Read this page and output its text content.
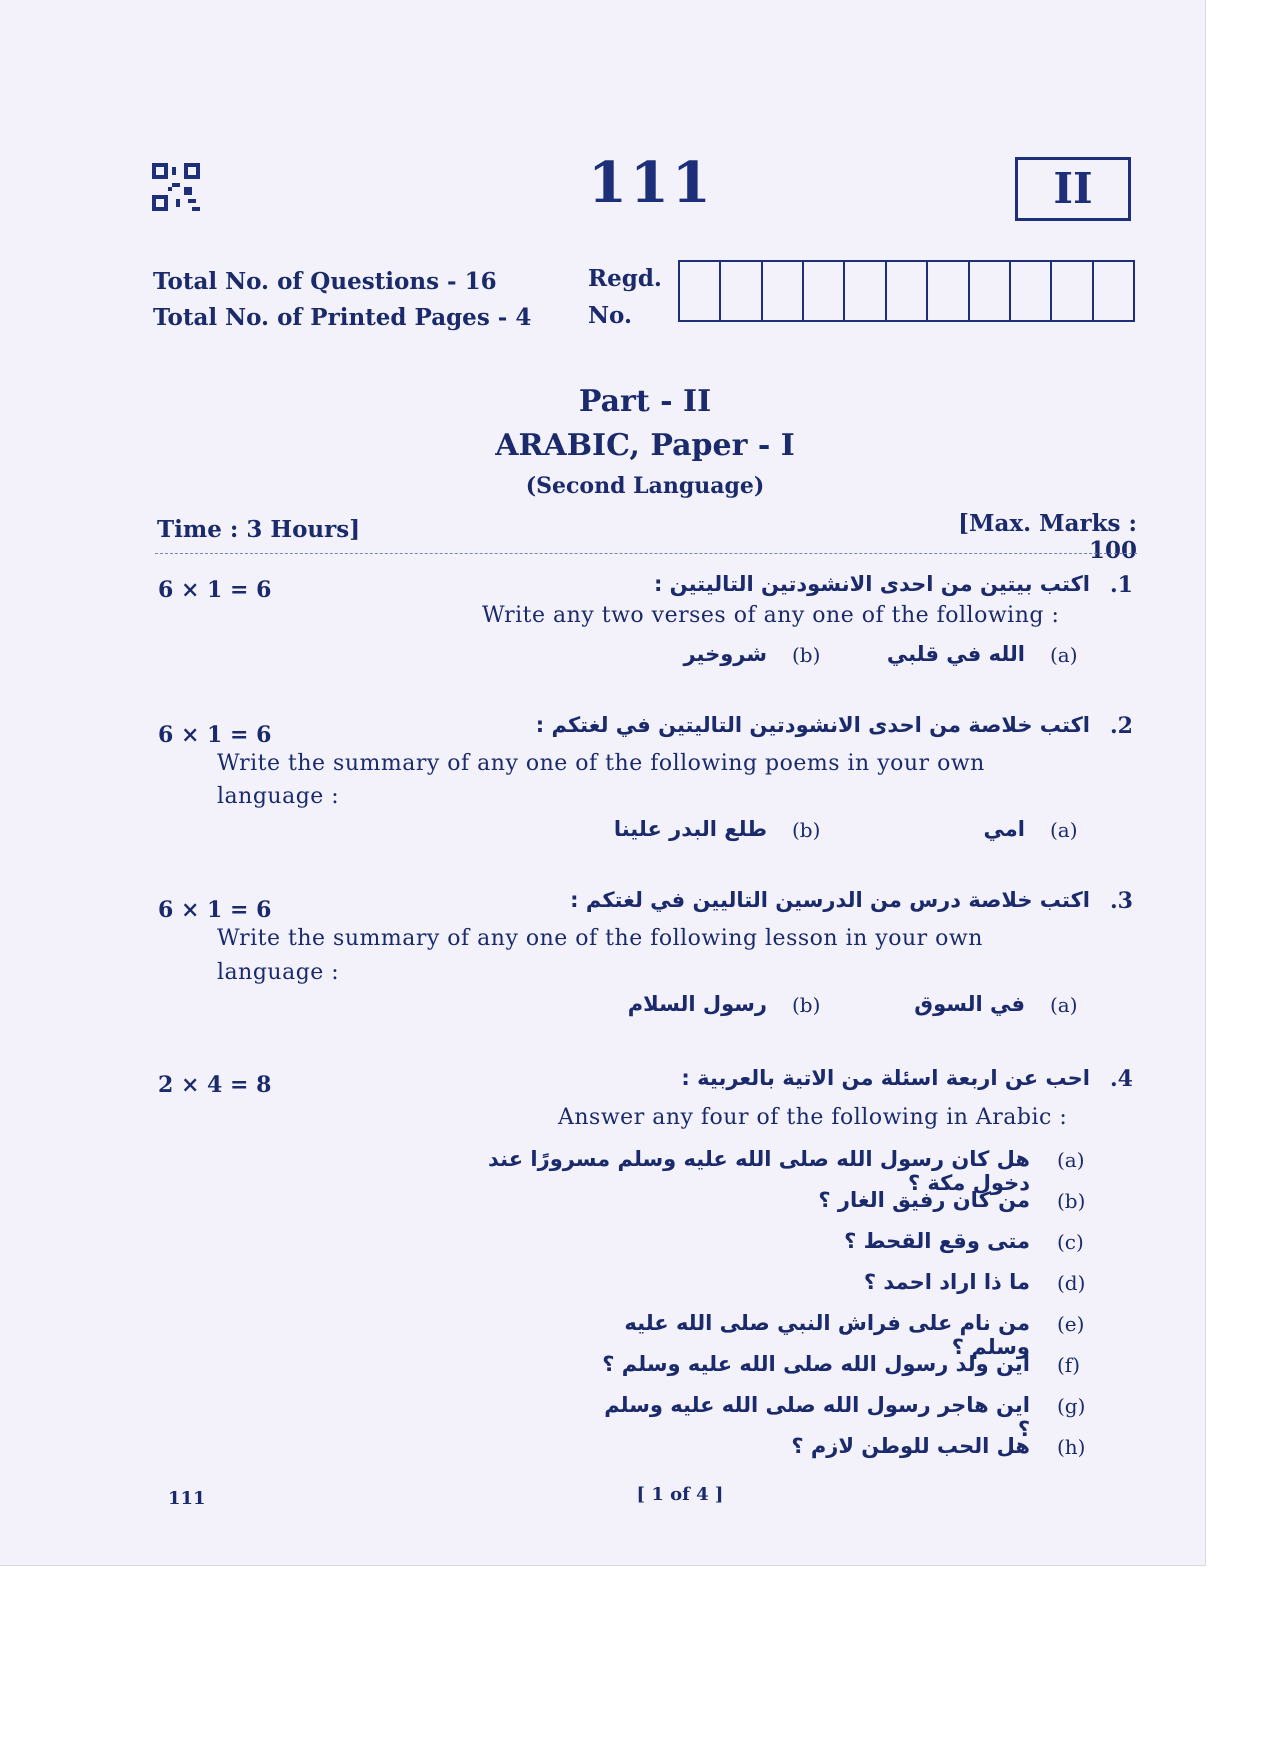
111	II
Total No. of Questions - 16
Total No. of Printed Pages - 4
Regd.
No.
Part - II
ARABIC, Paper - I
(Second Language)
Time : 3 Hours]	[Max. Marks : 100
6 × 1 = 6	.1
اكتب بيتين من احدى الانشودتين التاليتين :
Write any two verses of any one of the following :
(a)
الله في قلبي
(b)
شروخير
6 × 1 = 6	.2
اكتب خلاصة من احدى الانشودتين التاليتين في لغتكم :
Write the summary of any one of the following poems in your own
language :
(a)
امي
(b)
طلع البدر علينا
6 × 1 = 6	.3
اكتب خلاصة درس من الدرسين التاليين في لغتكم :
Write the summary of any one of the following lesson in your own
language :
(a)
في السوق
(b)
رسول السلام
2 × 4 = 8	.4
احب عن اربعة اسئلة من الاتية بالعربية :
Answer any four of the following in Arabic :
(a)
هل كان رسول الله صلى الله عليه وسلم مسرورًا عند دخول مكة ؟
(b)
من كان رفيق الغار ؟
(c)
متى وقع القحط ؟
(d)
ما ذا اراد احمد ؟
(e)
من نام على فراش النبي صلى الله عليه وسلم ؟
(f)
اين ولد رسول الله صلى الله عليه وسلم ؟
(g)
اين هاجر رسول الله صلى الله عليه وسلم ؟
(h)
هل الحب للوطن لازم ؟
111	[ 1 of 4 ]
